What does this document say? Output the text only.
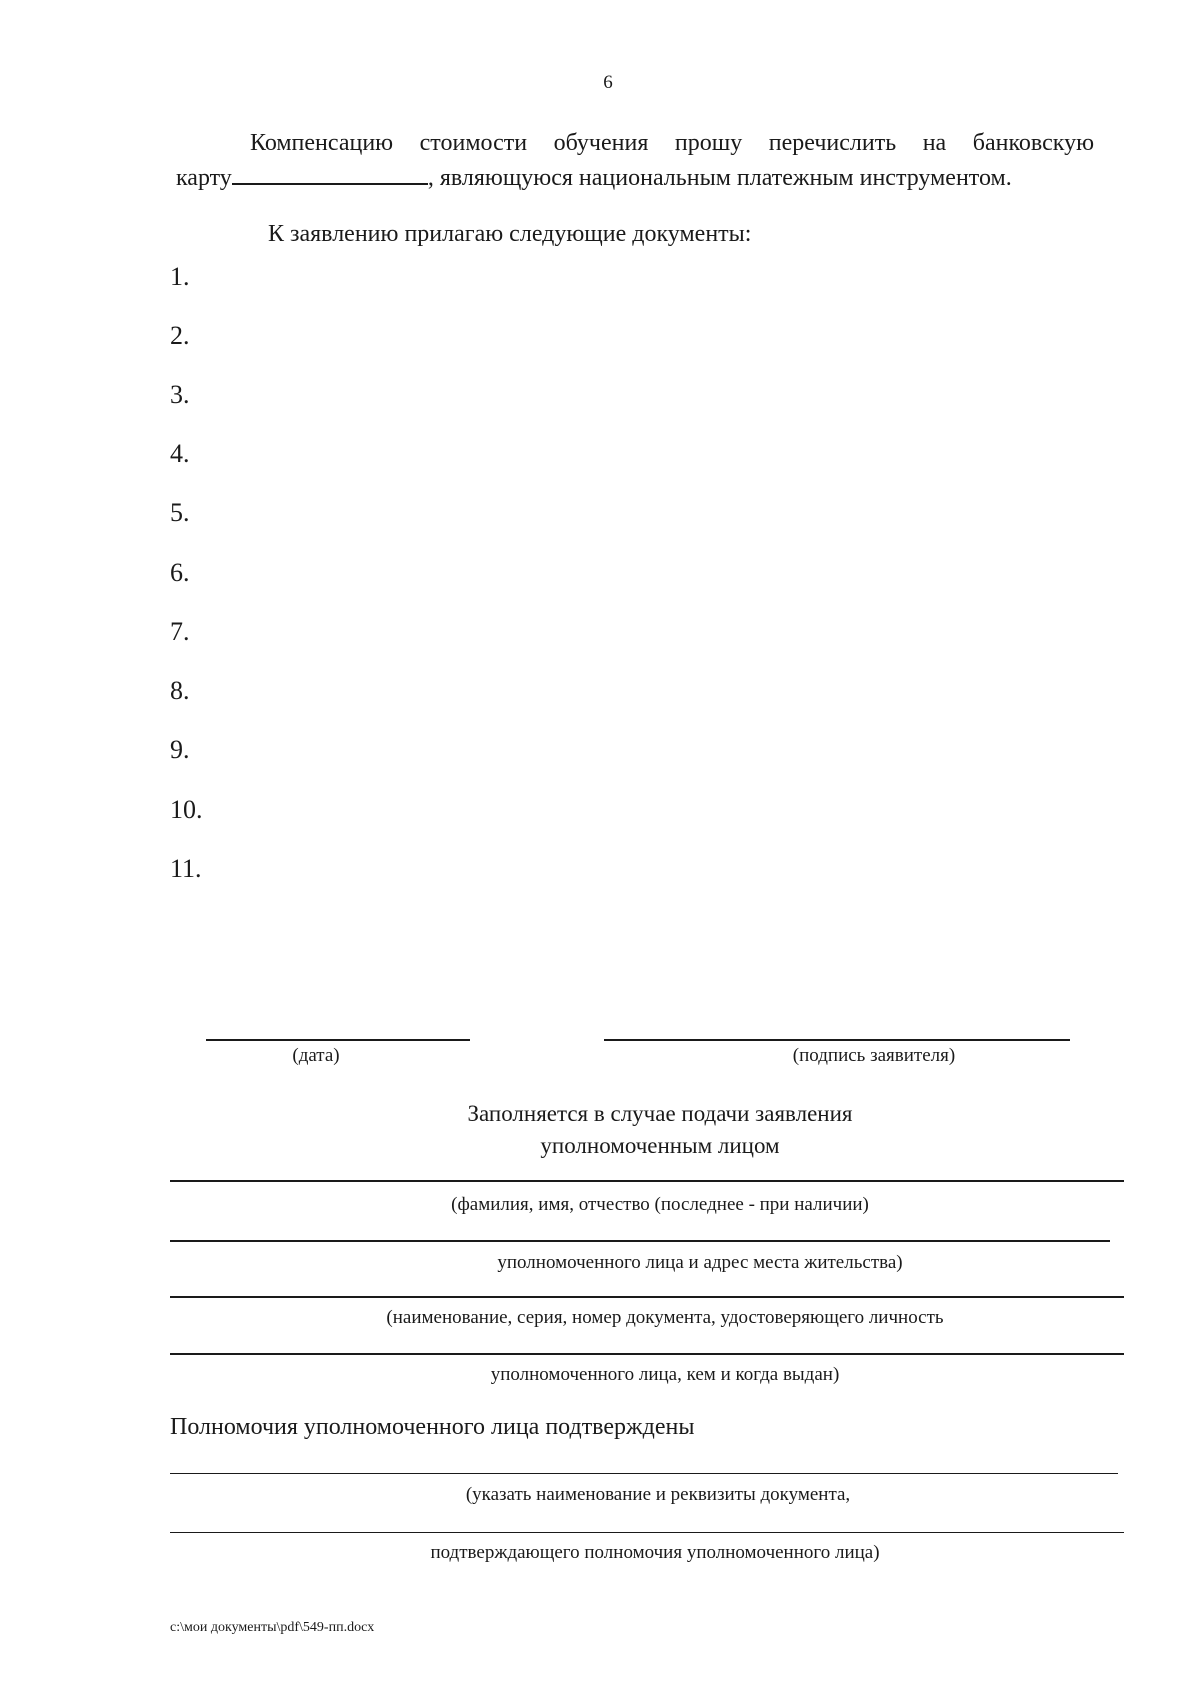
6
Компенсацию стоимости обучения прошу перечислить на банковскую
карту	, являющуюся национальным платежным инструментом.
К заявлению прилагаю следующие документы:
1.
2.
3.
4.
5.
6.
7.
8.
9.
10.
11.
(дата)	(подпись заявителя)
Заполняется в случае подачи заявления
уполномоченным лицом
(фамилия, имя, отчество (последнее - при наличии)
уполномоченного лица и адрес места жительства)
(наименование, серия, номер документа, удостоверяющего личность
уполномоченного лица, кем и когда выдан)
Полномочия уполномоченного лица подтверждены
(указать наименование и реквизиты документа,
подтверждающего полномочия уполномоченного лица)
c:\мои документы\pdf\549-пп.docx
